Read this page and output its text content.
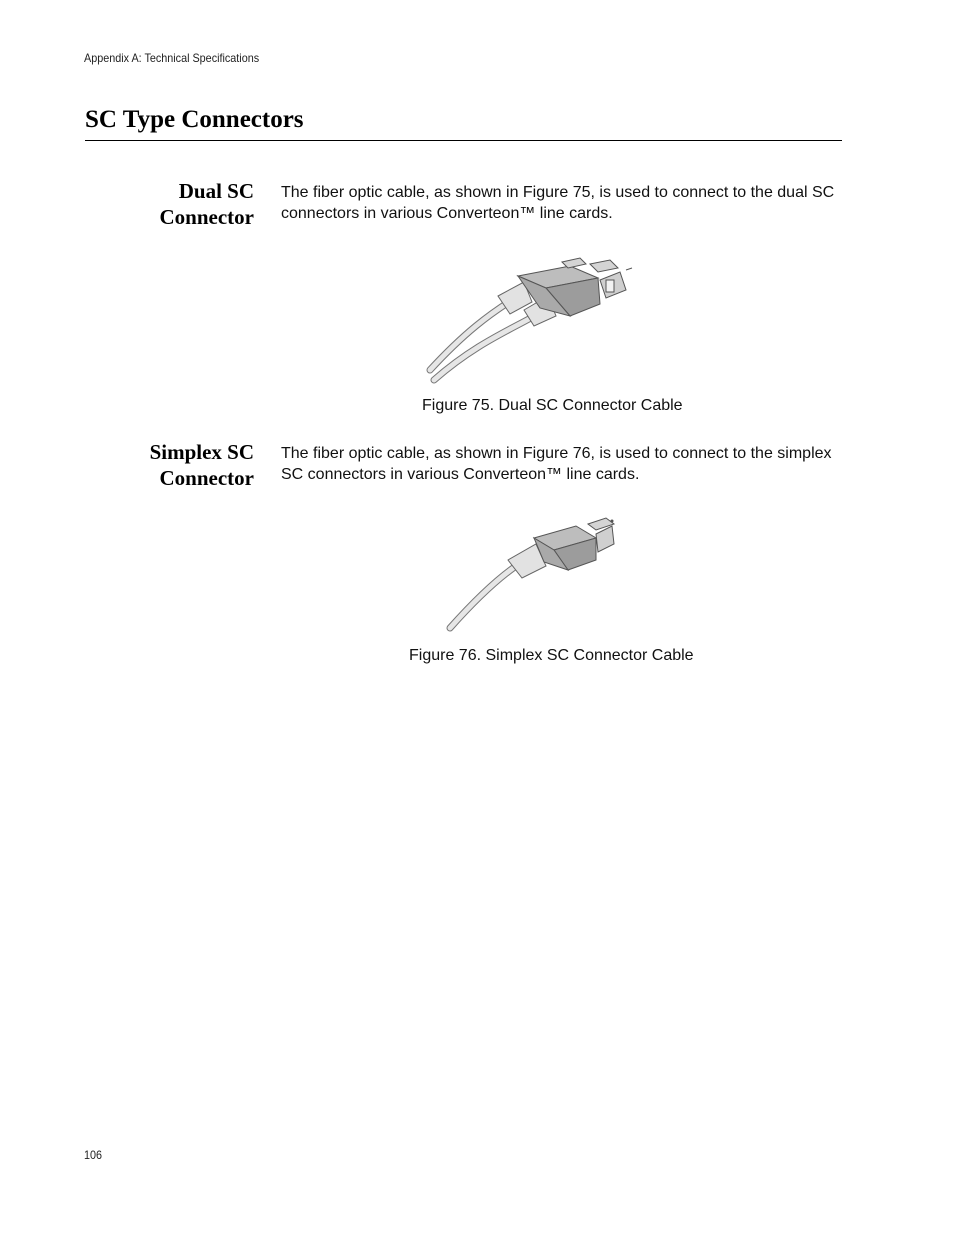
Appendix A: Technical Specifications
SC Type Connectors
Dual SC
Connector

The fiber optic cable, as shown in Figure 75, is used to connect to the dual SC connectors in various Converteon™ line cards.

Figure 75. Dual SC Connector Cable

Simplex SC
Connector

The fiber optic cable, as shown in Figure 76, is used to connect to the simplex SC connectors in various Converteon™ line cards.

Figure 76. Simplex SC Connector Cable

106
